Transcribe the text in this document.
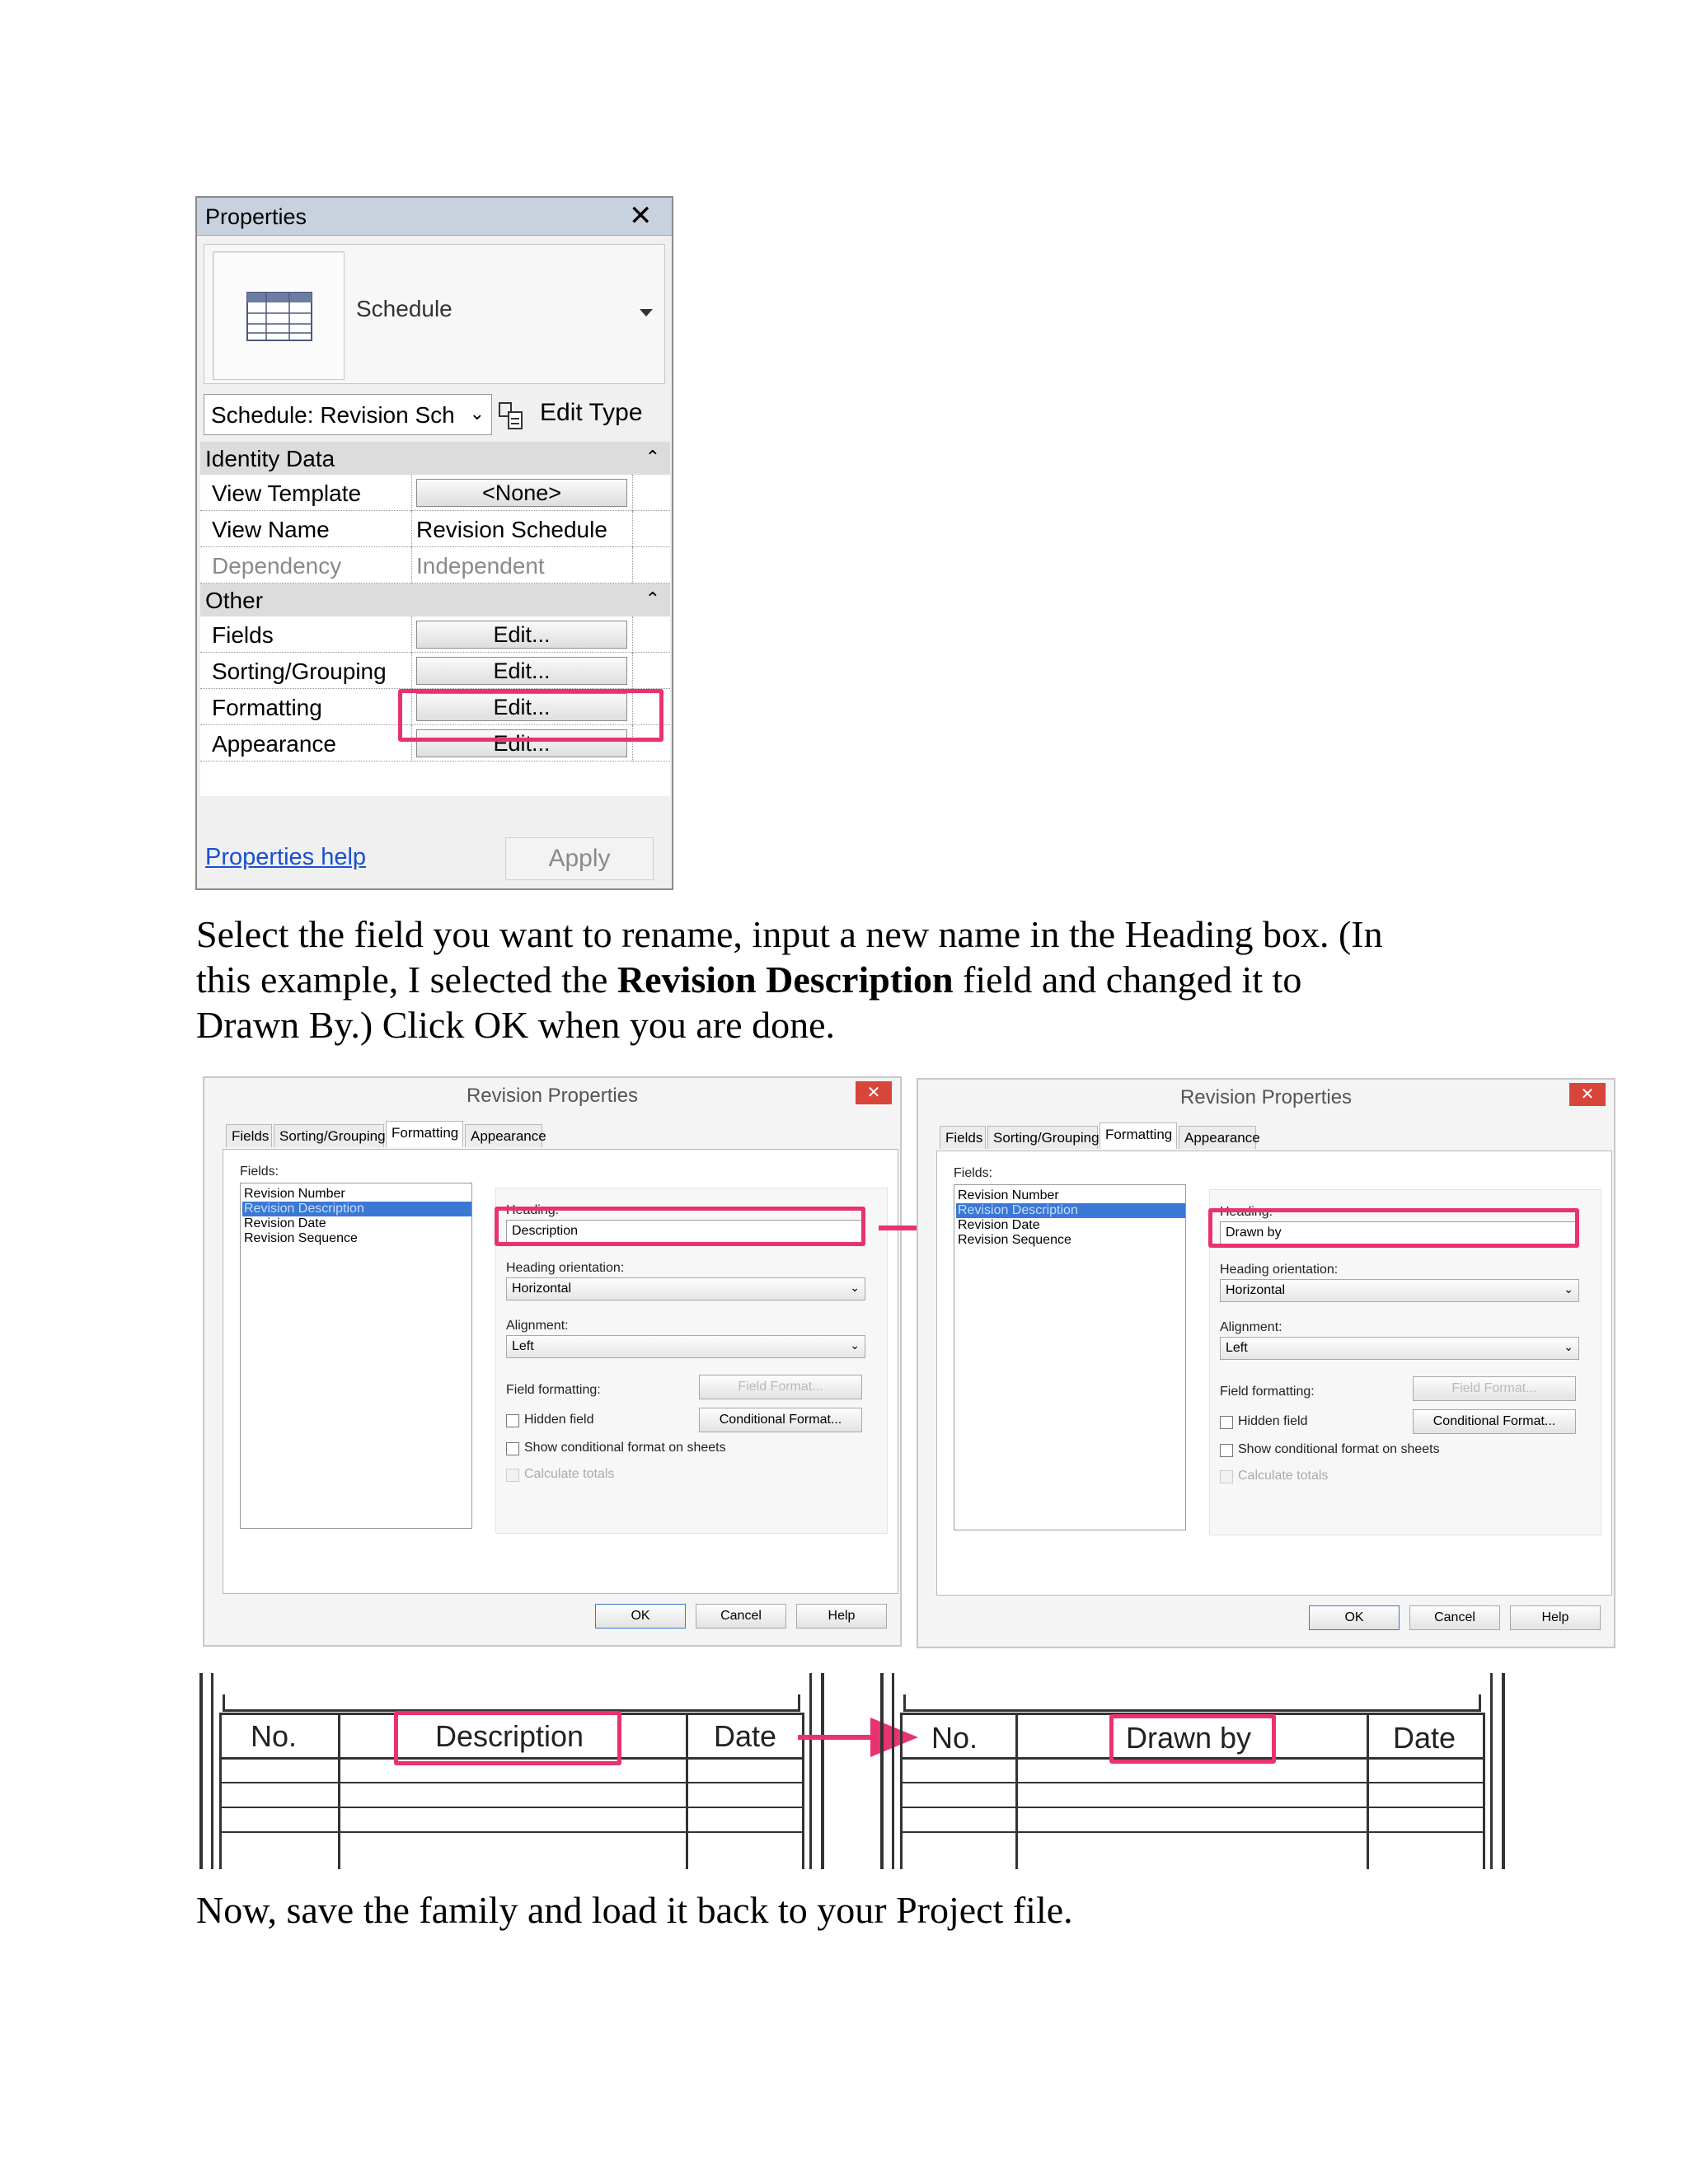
Properties	✕
Schedule
Schedule: Revision Sch ⌄ Edit Type
Identity Data	⌃
View Template	<None>
View Name	Revision Schedule
Dependency	Independent
Other	⌃
Fields	Edit...
Sorting/Grouping	Edit...
Formatting	Edit...
Appearance	Edit...
Properties help	Apply
Select the field you want to rename, input a new name in the Heading box. (In
this example, I selected the Revision Description field and changed it to
Drawn By.) Click OK when you are done.
Revision Properties	✕
Fields Sorting/Grouping Formatting Appearance
Fields:
Revision Number
Revision Description
Revision Date
Revision Sequence
Heading:
Description
Heading orientation:
Horizontal	⌄
Alignment:
Left	⌄
Field formatting:	Field Format...
Hidden field	Conditional Format...
Show conditional format on sheets
Calculate totals
OK	Cancel	Help
Revision Properties	✕
Fields Sorting/Grouping Formatting Appearance
Fields:
Revision Number
Revision Description
Revision Date
Revision Sequence
Heading:
Drawn by
Heading orientation:
Horizontal	⌄
Alignment:
Left	⌄
Field formatting:	Field Format...
Hidden field	Conditional Format...
Show conditional format on sheets
Calculate totals
OK	Cancel	Help
No.	Description	Date	No.	Drawn by	Date
Now, save the family and load it back to your Project file.
